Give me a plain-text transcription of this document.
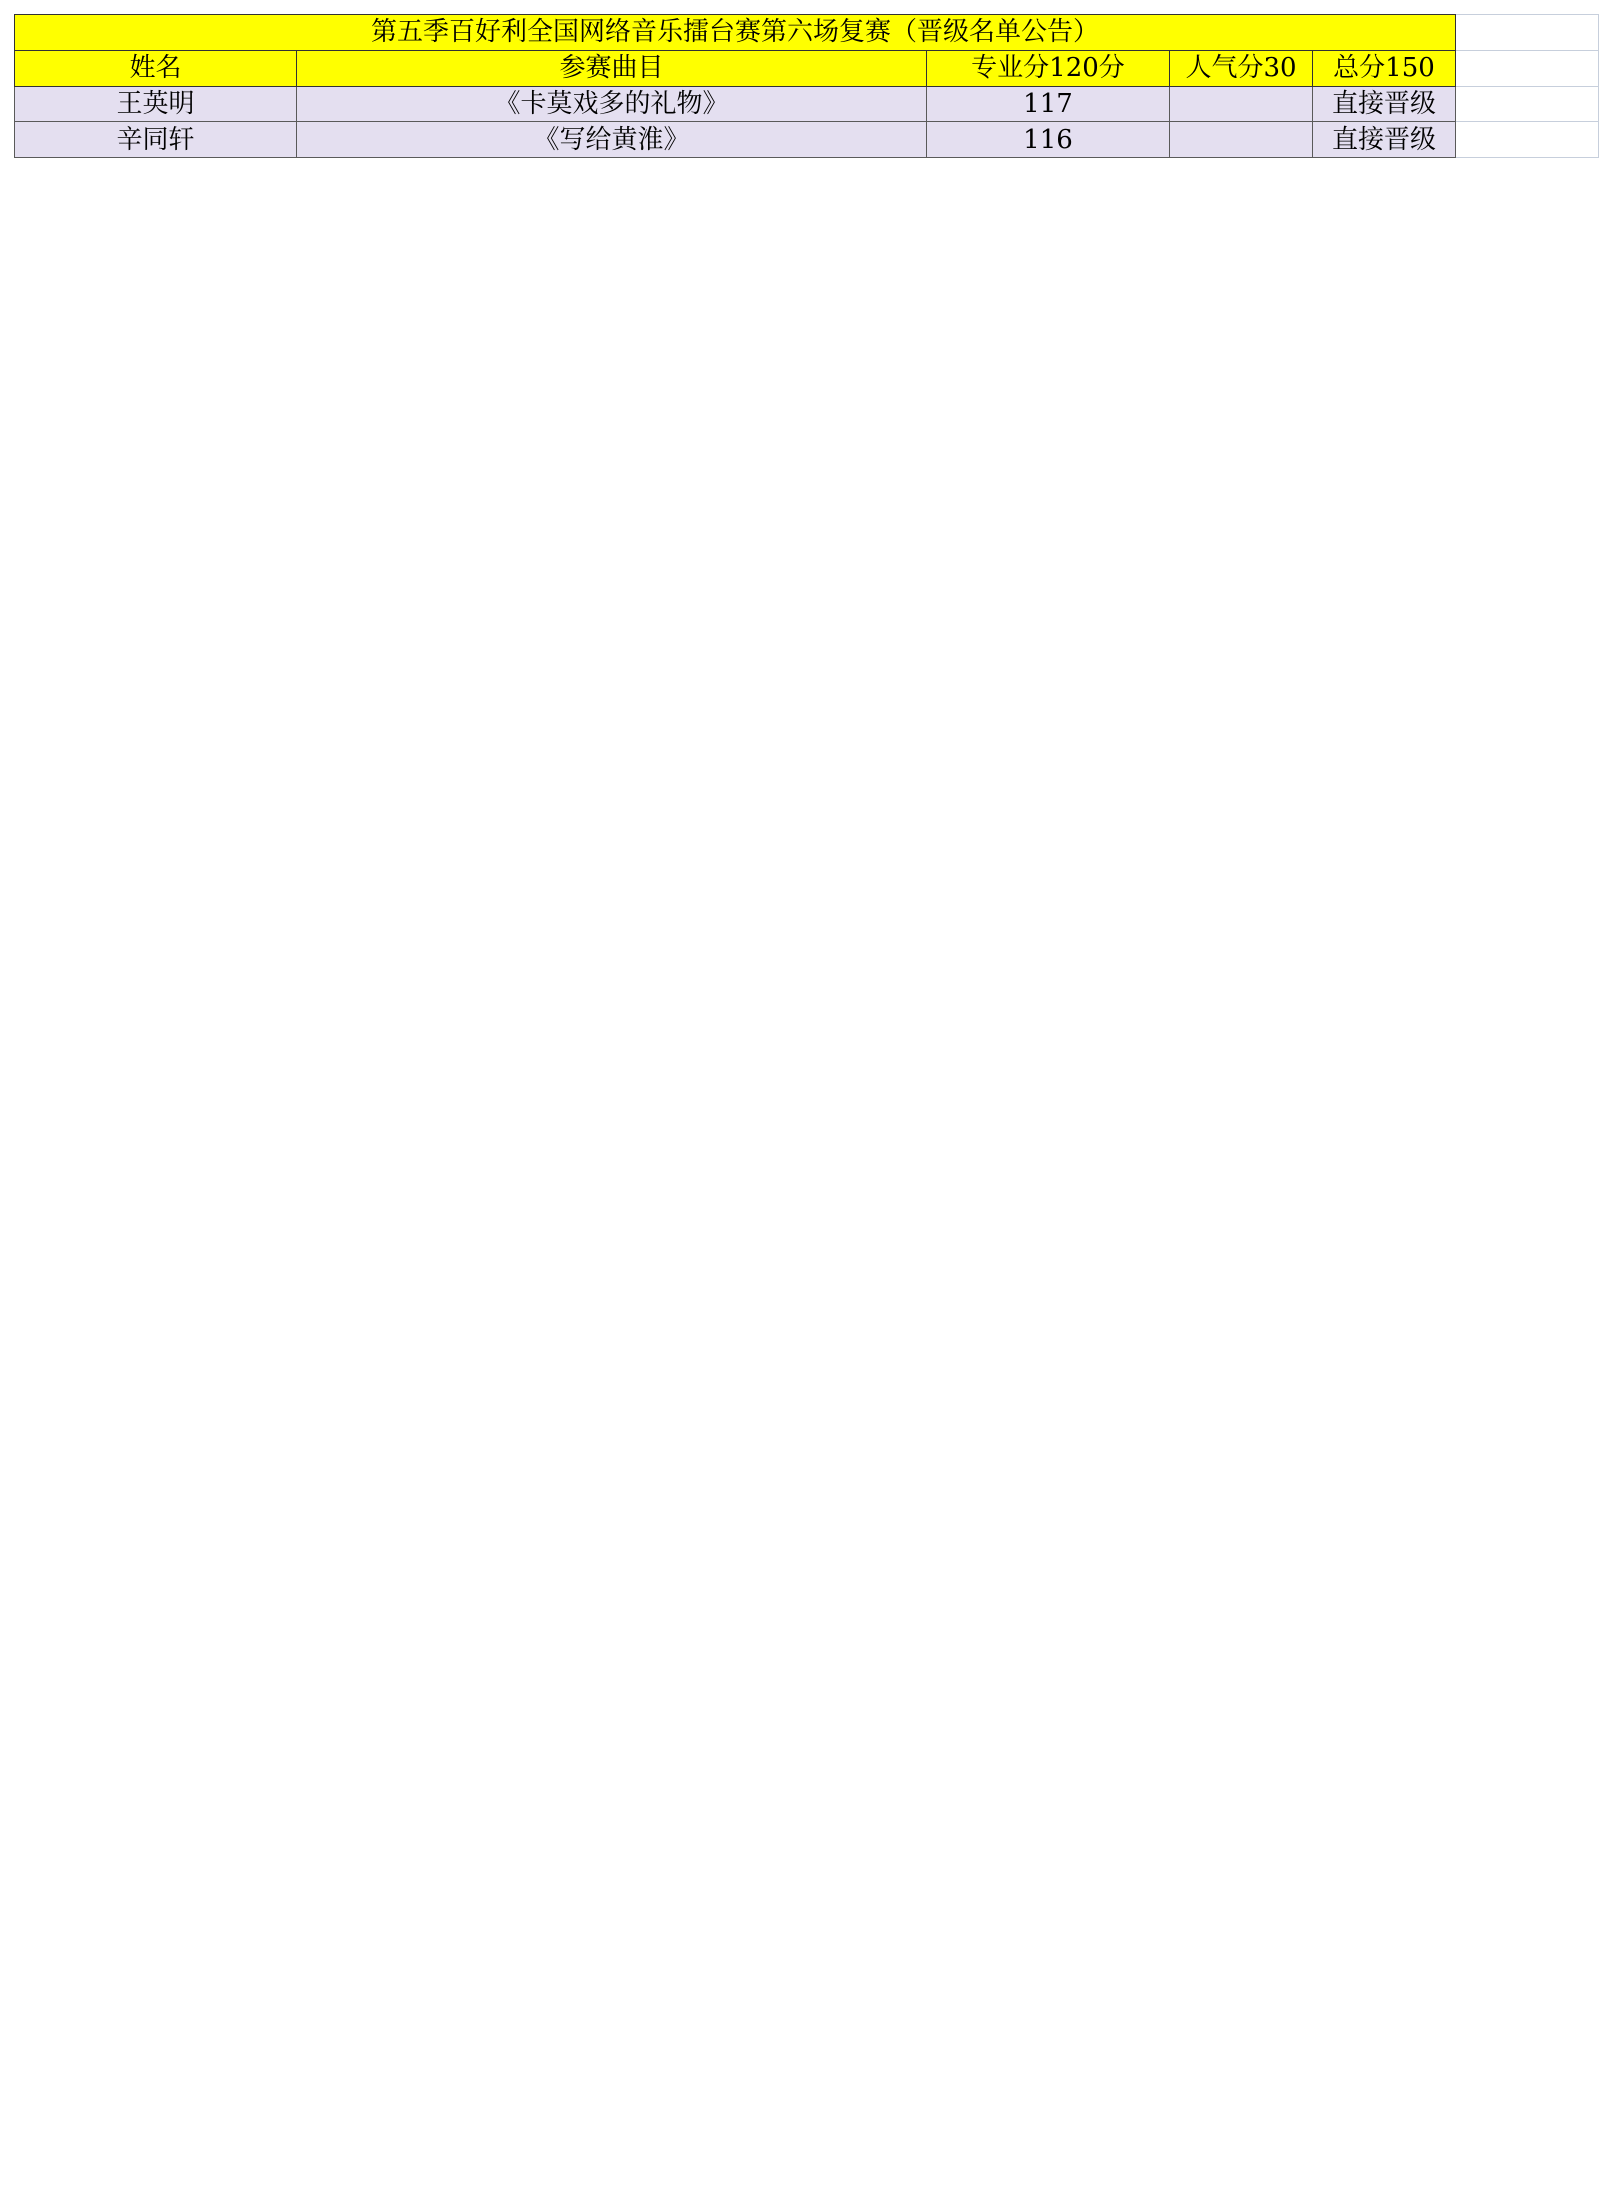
第五季百好利全国网络音乐擂台赛第六场复赛（晋级名单公告）					
姓名	参赛曲目	专业分120分	人气分30	总分150	
王英明	《卡莫戏多的礼物》	117		直接晋级	
辛同轩	《写给黄淮》	116		直接晋级	
